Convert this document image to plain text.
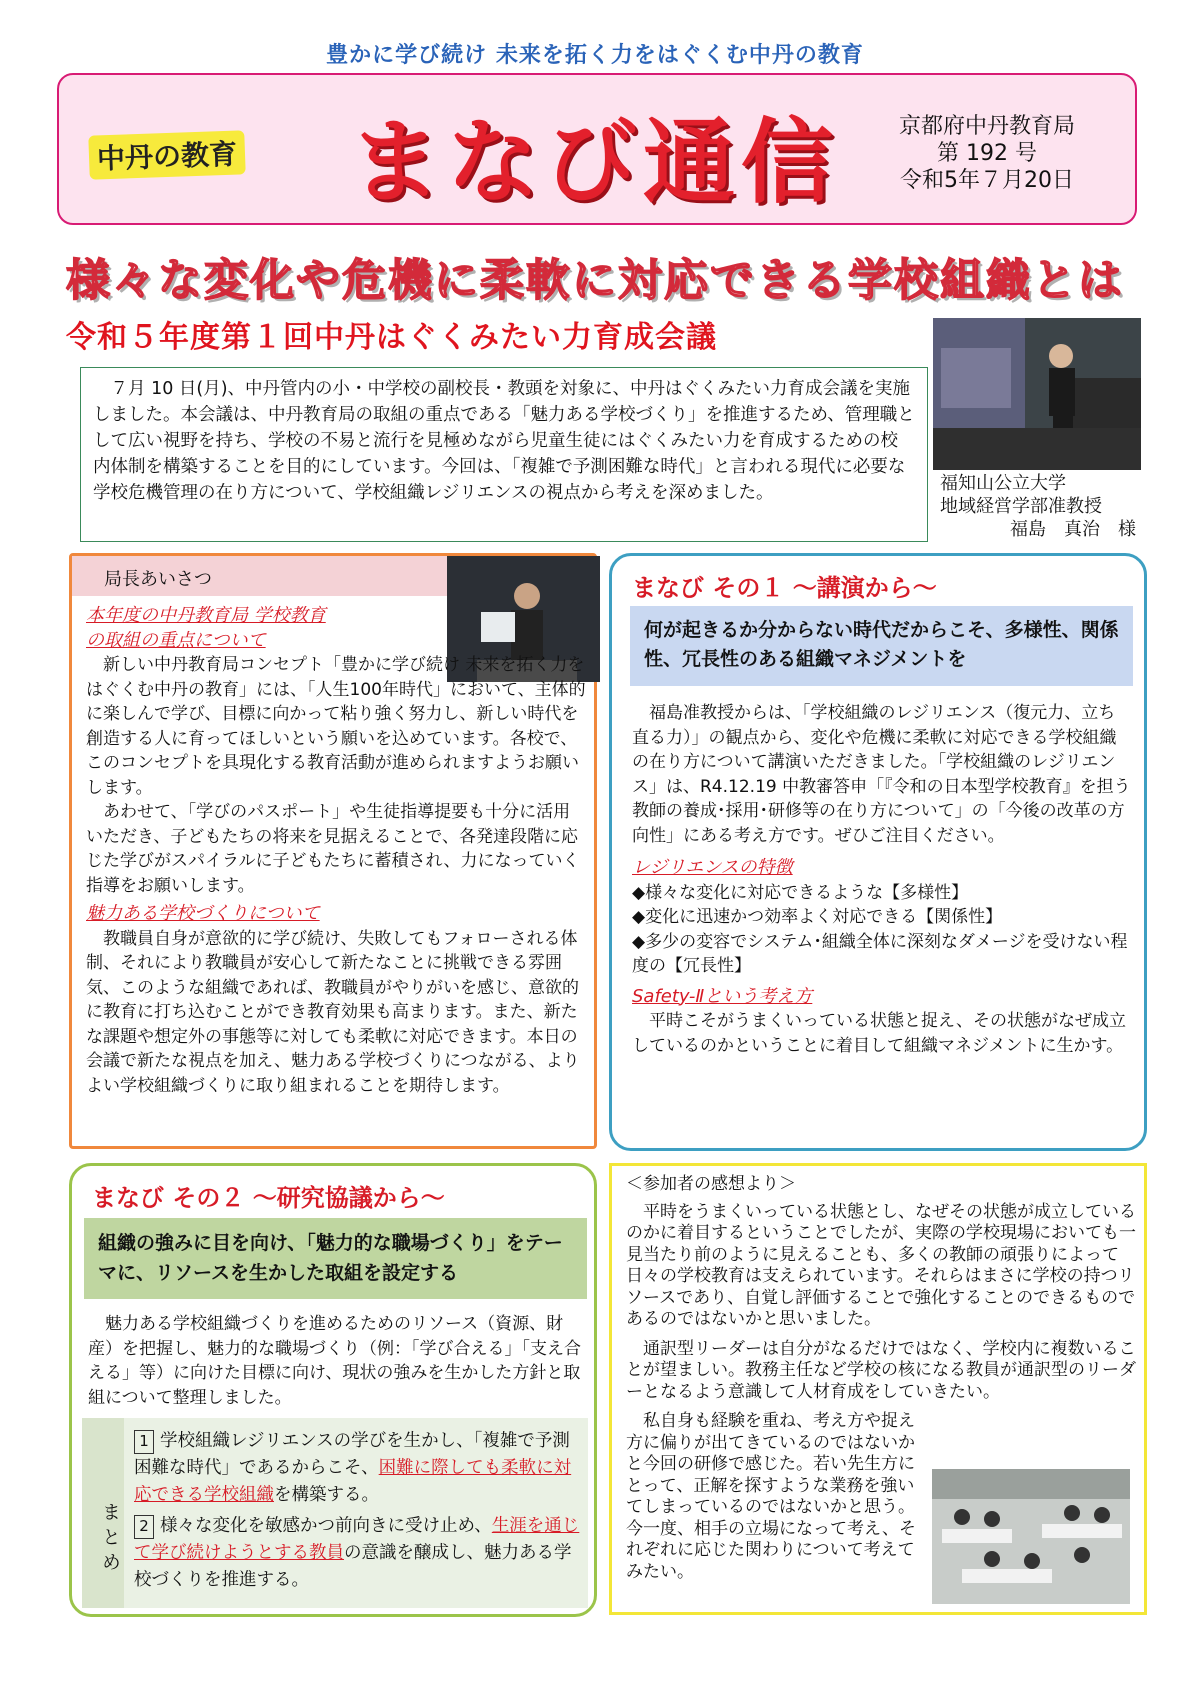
豊かに学び続け 未来を拓く力をはぐくむ中丹の教育
中丹の教育 まなび通信	京都府中丹教育局
第 192 号
令和5年７月20日
様々な変化や危機に柔軟に対応できる学校組織とは
令和５年度第１回中丹はぐくみたい力育成会議
　７月 10 日(月)、中丹管内の小・中学校の副校長・教頭を対象に、中丹はぐくみたい力育成会議を実施しました。本会議は、中丹教育局の取組の重点である「魅力ある学校づくり」を推進するため、管理職として広い視野を持ち、学校の不易と流行を見極めながら児童生徒にはぐくみたい力を育成するための校内体制を構築することを目的にしています。今回は、「複雑で予測困難な時代」と言われる現代に必要な学校危機管理の在り方について、学校組織レジリエンスの視点から考えを深めました。	福知山公立大学
地域経営学部准教授
福島　真治　様
局長あいさつ
本年度の中丹教育局 学校教育
の取組の重点について
　新しい中丹教育局コンセプト「豊かに学び続け 未来を拓く力をはぐくむ中丹の教育」には、「人生100年時代」において、主体的に楽しんで学び、目標に向かって粘り強く努力し、新しい時代を創造する人に育ってほしいという願いを込めています。各校で、このコンセプトを具現化する教育活動が進められますようお願いします。
　あわせて、「学びのパスポート」や生徒指導提要も十分に活用いただき、子どもたちの将来を見据えることで、各発達段階に応じた学びがスパイラルに子どもたちに蓄積され、力になっていく指導をお願いします。
魅力ある学校づくりについて
　教職員自身が意欲的に学び続け、失敗してもフォローされる体制、それにより教職員が安心して新たなことに挑戦できる雰囲気、このような組織であれば、教職員がやりがいを感じ、意欲的に教育に打ち込むことができ教育効果も高まります。また、新たな課題や想定外の事態等に対しても柔軟に対応できます。本日の会議で新たな視点を加え、魅力ある学校づくりにつながる、よりよい学校組織づくりに取り組まれることを期待します。
まなび その１ ～講演から～
何が起きるか分からない時代だからこそ、多様性、関係性、冗長性のある組織マネジメントを
　福島准教授からは、「学校組織のレジリエンス（復元力、立ち直る力）」の観点から、変化や危機に柔軟に対応できる学校組織の在り方について講演いただきました。「学校組織のレジリエンス」は、R4.12.19 中教審答申「『令和の日本型学校教育』を担う教師の養成･採用･研修等の在り方について」の「今後の改革の方向性」にある考え方です。ぜひご注目ください。
レジリエンスの特徴
◆様々な変化に対応できるような【多様性】
◆変化に迅速かつ効率よく対応できる【関係性】
◆多少の変容でシステム･組織全体に深刻なダメージを受けない程度の【冗長性】
Safety-Ⅱという考え方
　平時こそがうまくいっている状態と捉え、その状態がなぜ成立しているのかということに着目して組織マネジメントに生かす。
まなび その２ ～研究協議から～
組織の強みに目を向け、「魅力的な職場づくり」をテーマに、リソースを生かした取組を設定する
　魅力ある学校組織づくりを進めるためのリソース（資源、財産）を把握し、魅力的な職場づくり（例：「学び合える」「支え合える」等）に向けた目標に向け、現状の強みを生かした方針と取組について整理しました。
まとめ
1 学校組織レジリエンスの学びを生かし、「複雑で予測困難な時代」であるからこそ、困難に際しても柔軟に対応できる学校組織を構築する。
2 様々な変化を敏感かつ前向きに受け止め、生涯を通じて学び続けようとする教員の意識を醸成し、魅力ある学校づくりを推進する。
＜参加者の感想より＞
　平時をうまくいっている状態とし、なぜその状態が成立しているのかに着目するということでしたが、実際の学校現場においても一見当たり前のように見えることも、多くの教師の頑張りによって日々の学校教育は支えられています。それらはまさに学校の持つリソースであり、自覚し評価することで強化することのできるものであるのではないかと思いました。
　通訳型リーダーは自分がなるだけではなく、学校内に複数いることが望ましい。教務主任など学校の核になる教員が通訳型のリーダーとなるよう意識して人材育成をしていきたい。
　私自身も経験を重ね、考え方や捉え方に偏りが出てきているのではないかと今回の研修で感じた。若い先生方にとって、正解を探すような業務を強いてしまっているのではないかと思う。今一度、相手の立場になって考え、それぞれに応じた関わりについて考えてみたい。
